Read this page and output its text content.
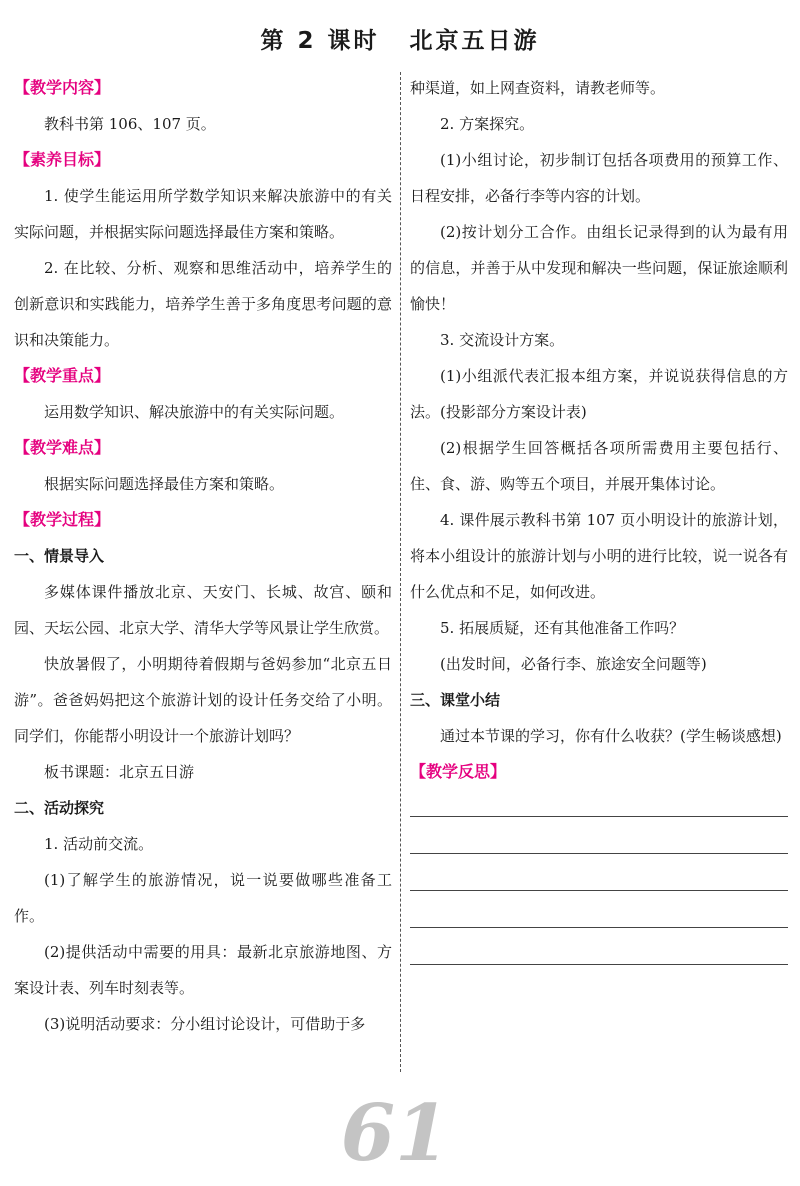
第 2 课时 北京五日游
【教学内容】

教科书第 106、107 页。

【素养目标】

1. 使学生能运用所学数学知识来解决旅游中的有关实际问题，并根据实际问题选择最佳方案和策略。

2. 在比较、分析、观察和思维活动中，培养学生的创新意识和实践能力，培养学生善于多角度思考问题的意识和决策能力。

【教学重点】

运用数学知识、解决旅游中的有关实际问题。

【教学难点】

根据实际问题选择最佳方案和策略。

【教学过程】
一、情景导入

多媒体课件播放北京、天安门、长城、故宫、颐和园、天坛公园、北京大学、清华大学等风景让学生欣赏。

快放暑假了，小明期待着假期与爸妈参加“北京五日游”。爸爸妈妈把这个旅游计划的设计任务交给了小明。同学们，你能帮小明设计一个旅游计划吗？

板书课题：北京五日游

二、活动探究

1. 活动前交流。

(1)了解学生的旅游情况，说一说要做哪些准备工作。

(2)提供活动中需要的用具：最新北京旅游地图、方案设计表、列车时刻表等。

(3)说明活动要求：分小组讨论设计，可借助于多

种渠道，如上网查资料，请教老师等。

2. 方案探究。

(1)小组讨论，初步制订包括各项费用的预算工作、日程安排，必备行李等内容的计划。

(2)按计划分工合作。由组长记录得到的认为最有用的信息，并善于从中发现和解决一些问题，保证旅途顺利愉快！

3. 交流设计方案。

(1)小组派代表汇报本组方案，并说说获得信息的方法。(投影部分方案设计表)

(2)根据学生回答概括各项所需费用主要包括行、住、食、游、购等五个项目，并展开集体讨论。

4. 课件展示教科书第 107 页小明设计的旅游计划，将本小组设计的旅游计划与小明的进行比较，说一说各有什么优点和不足，如何改进。

5. 拓展质疑，还有其他准备工作吗？

(出发时间，必备行李、旅途安全问题等)

三、课堂小结

通过本节课的学习，你有什么收获？(学生畅谈感想)

【教学反思】
61
